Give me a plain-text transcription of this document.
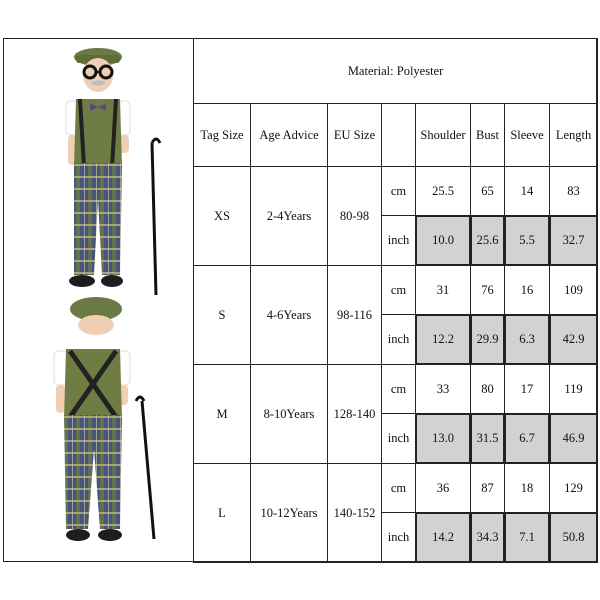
Material: Polyester							
Tag Size	Age Advice	EU Size		Shoulder	Bust	Sleeve	Length
XS	2-4Years	80-98	cm	25.5	65	14	83
			inch	10.0	25.6	5.5	32.7
S	4-6Years	98-116	cm	31	76	16	109
			inch	12.2	29.9	6.3	42.9
M	8-10Years	128-140	cm	33	80	17	119
			inch	13.0	31.5	6.7	46.9
L	10-12Years	140-152	cm	36	87	18	129
			inch	14.2	34.3	7.1	50.8
